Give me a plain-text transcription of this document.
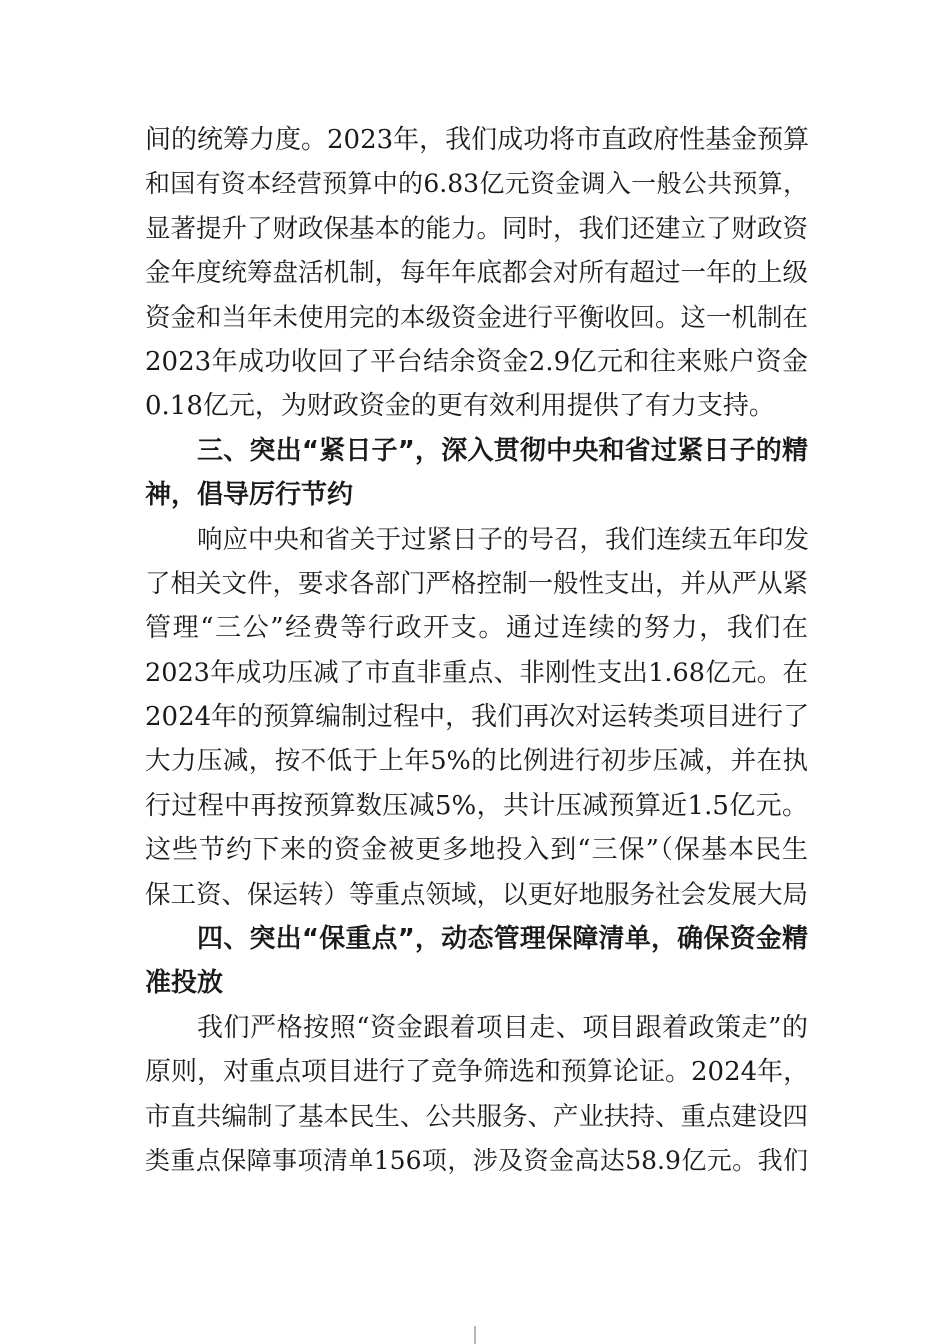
间的统筹力度。2023年，我们成功将市直政府性基金预算
和国有资本经营预算中的6.83亿元资金调入一般公共预算，
显著提升了财政保基本的能力。同时，我们还建立了财政资
金年度统筹盘活机制，每年年底都会对所有超过一年的上级
资金和当年未使用完的本级资金进行平衡收回。这一机制在
2023年成功收回了平台结余资金2.9亿元和往来账户资金
0.18亿元，为财政资金的更有效利用提供了有力支持。
三、突出“紧日子”，深入贯彻中央和省过紧日子的精
神，倡导厉行节约
响应中央和省关于过紧日子的号召，我们连续五年印发
了相关文件，要求各部门严格控制一般性支出，并从严从紧
管理“三公”经费等行政开支。通过连续的努力，我们在
2023年成功压减了市直非重点、非刚性支出1.68亿元。在
2024年的预算编制过程中，我们再次对运转类项目进行了
大力压减，按不低于上年5%的比例进行初步压减，并在执
行过程中再按预算数压减5%，共计压减预算近1.5亿元。
这些节约下来的资金被更多地投入到“三保”（保基本民生
保工资、保运转）等重点领域，以更好地服务社会发展大局
四、突出“保重点”，动态管理保障清单，确保资金精
准投放
我们严格按照“资金跟着项目走、项目跟着政策走”的
原则，对重点项目进行了竞争筛选和预算论证。2024年，
市直共编制了基本民生、公共服务、产业扶持、重点建设四
类重点保障事项清单156项，涉及资金高达58.9亿元。我们
